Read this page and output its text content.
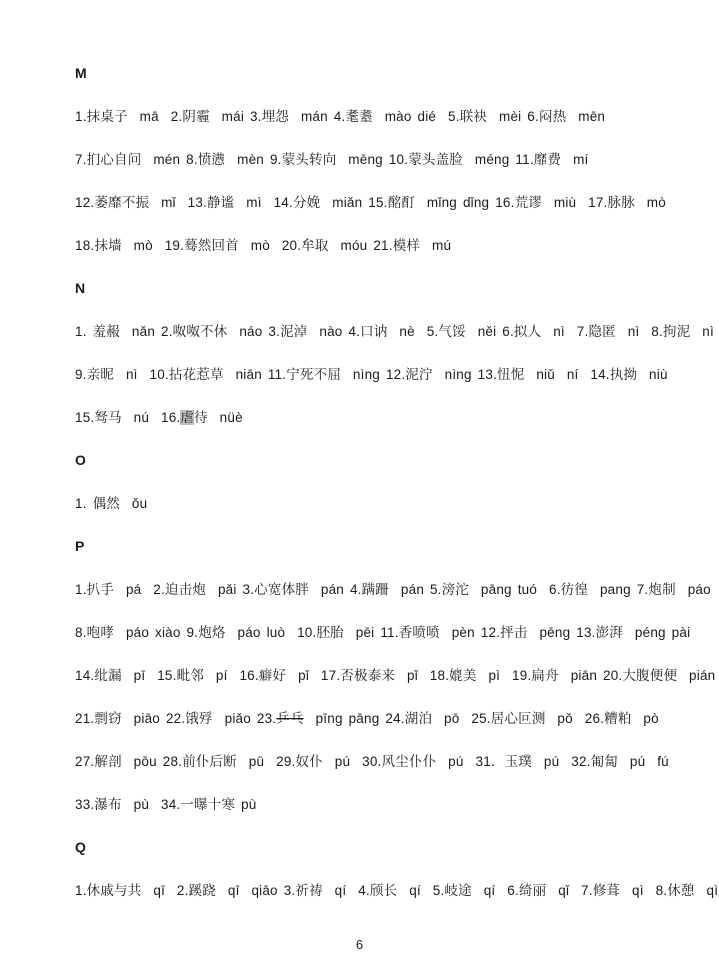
M
1.抹桌子  mā  2.阴霾  mái 3.埋怨  mán 4.耄耋  mào dié  5.联袂  mèi 6.闷热  mēn
7.扪心自问  mén 8.愤懑  mèn 9.蒙头转向  mēng 10.蒙头盖脸  méng 11.靡费  mí
12.萎靡不振  mǐ  13.静谧  mì  14.分娩  miǎn 15.酩酊  mǐng dǐng 16.荒谬  miù  17.脉脉  mò
18.抹墙  mò  19.蓦然回首  mò  20.牟取  móu 21.模样  mú
N
1. 羞赧  nǎn 2.呶呶不休  náo 3.泥淖  nào 4.口讷  nè  5.气馁  něi 6.拟人  nì  7.隐匿  nì  8.拘泥  nì
9.亲昵  nì  10.拈花惹草  niān 11.宁死不屈  nìng 12.泥泞  nìng 13.忸怩  niǔ  ní  14.执拗  niù
15.驽马  nú  16.虐待  nüè
O
1. 偶然  ǒu
P
1.扒手  pá  2.迫击炮  pǎi 3.心宽体胖  pán 4.蹒跚  pán 5.滂沱  pāng tuó  6.彷徨  pang 7.炮制  páo
8.咆哮  páo xiào 9.炮烙  páo luò  10.胚胎  pēi 11.香喷喷  pèn 12.抨击  pēng 13.澎湃  péng pài
14.纰漏  pī  15.毗邻  pí  16.癖好  pǐ  17.否极泰来  pǐ  18.媲美  pì  19.扁舟  piān 20.大腹便便  pián
21.剽窃  piāo 22.饿殍  piǎo 23.乒乓  pīng pāng 24.湖泊  pō  25.居心叵测  pǒ  26.糟粕  pò
27.解剖  pōu 28.前仆后断  pū  29.奴仆  pú  30.风尘仆仆  pú  31．玉璞  pú  32.匍匐  pú  fú
33.瀑布  pù  34.一曝十寒 pù
Q
1.休戚与共  qī  2.蹊跷  qī  qiāo 3.祈祷  qí  4.颀长  qí  5.岐途  qí  6.绮丽  qǐ  7.修葺  qì  8.休憩  qì
6
